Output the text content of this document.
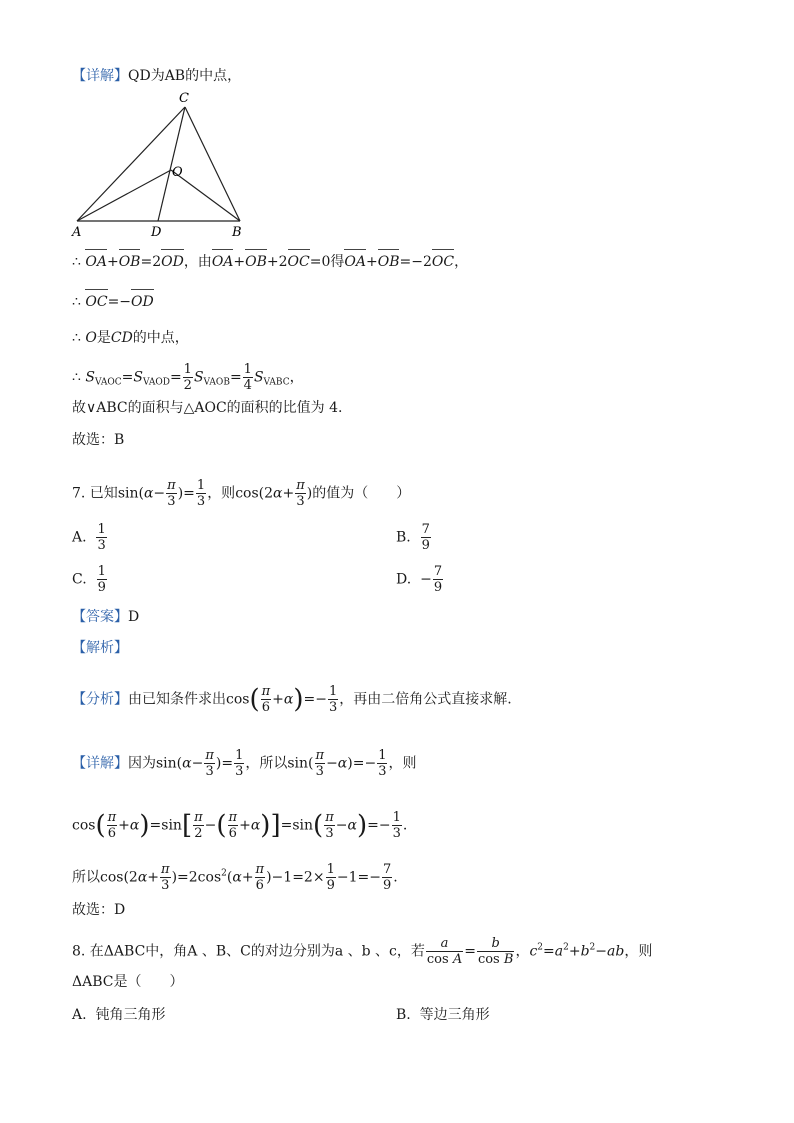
【详解】QD为AB的中点，
C
O
A	D	B
∴ OA+OB=2OD，由OA+OB+2OC=0得OA+OB=−2OC，
∴ OC=−OD
∴ O是CD的中点，
∴ $S_{VAOC}=S_{VAOD}= \frac{1}{2} S_{VAOB}= \frac{1}{4} S_{VABC}$，
故∨ABC的面积与△AOC的面积的比值为 4.
故选：B
7. 已知$\sin(\alpha- \frac{\pi}{3}$ )= $\frac{1}{3}$ ，则$\cos(2\alpha+ \frac{\pi}{3}$ )的值为（　　）
A. $\frac{1}{3}$	B. $\frac{7}{9}$
C. $\frac{1}{9}$	D. − $\frac{7}{9}$
【答案】D
【解析】
【分析】由已知条件求出$\cos( \frac{\pi}{6} +\alpha)=- \frac{1}{3}$ ，再由二倍角公式直接求解.
【详解】因为$\sin(\alpha- \frac{\pi}{3}$ )= $\frac{1}{3}$ ，所以$\sin( \frac{\pi}{3} -\alpha)=- \frac{1}{3}$ ，则
$\cos( \frac{\pi}{6} +\alpha)=\sin[ \frac{\pi}{2}$ −( $\frac{\pi}{6} +\alpha)]=\sin( \frac{\pi}{3} -\alpha)=- \frac{1}{3}$ .
所以$\cos(2\alpha+ \frac{\pi}{3} )=2\cos^2(\alpha+ \frac{\pi}{6} )-1=2\times \frac{1}{9} -1=- \frac{7}{9}$ .
故选：D
8. 在ΔABC中，角A 、B、C的对边分别为a 、b 、c，若 $\frac{a}{\text{cos A}} = \frac{b}{\text{cos B}}$ ，$c^2=a^2+b^2-ab$，则
ΔABC是（　　）
A. 钝角三角形	B. 等边三角形
